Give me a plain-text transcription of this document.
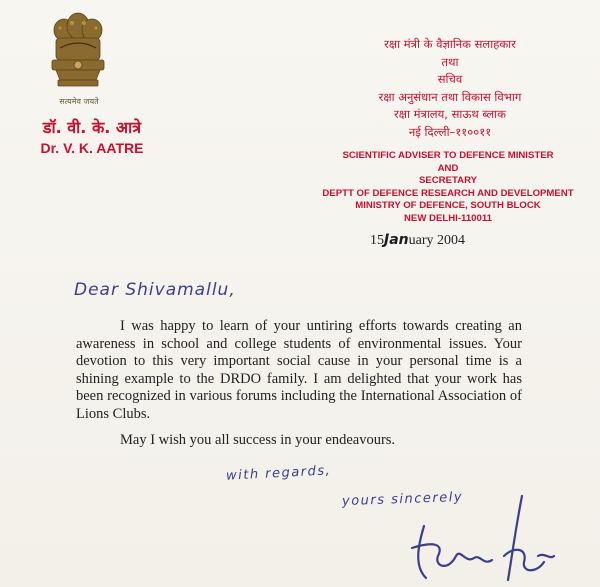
सत्यमेव जयते
डॉ. वी. के. आत्रे
Dr. V. K. AATRE
रक्षा मंत्री के वैज्ञानिक सलाहकार
तथा
सचिव
रक्षा अनुसंधान तथा विकास विभाग
रक्षा मंत्रालय, साऊथ ब्लाक
नई दिल्ली–११००११
SCIENTIFIC ADVISER TO DEFENCE MINISTER
AND
SECRETARY
DEPTT OF DEFENCE RESEARCH AND DEVELOPMENT
MINISTRY OF DEFENCE, SOUTH BLOCK
NEW DELHI-110011
15January 2004
Dear Shivamallu,
I was happy to learn of your untiring efforts towards creating an awareness in school and college students of environmental issues. Your devotion to this very important social cause in your personal time is a shining example to the DRDO family. I am delighted that your work has been recognized in various forums including the International Association of Lions Clubs.
May I wish you all success in your endeavours.
with regards,
yours sincerely
